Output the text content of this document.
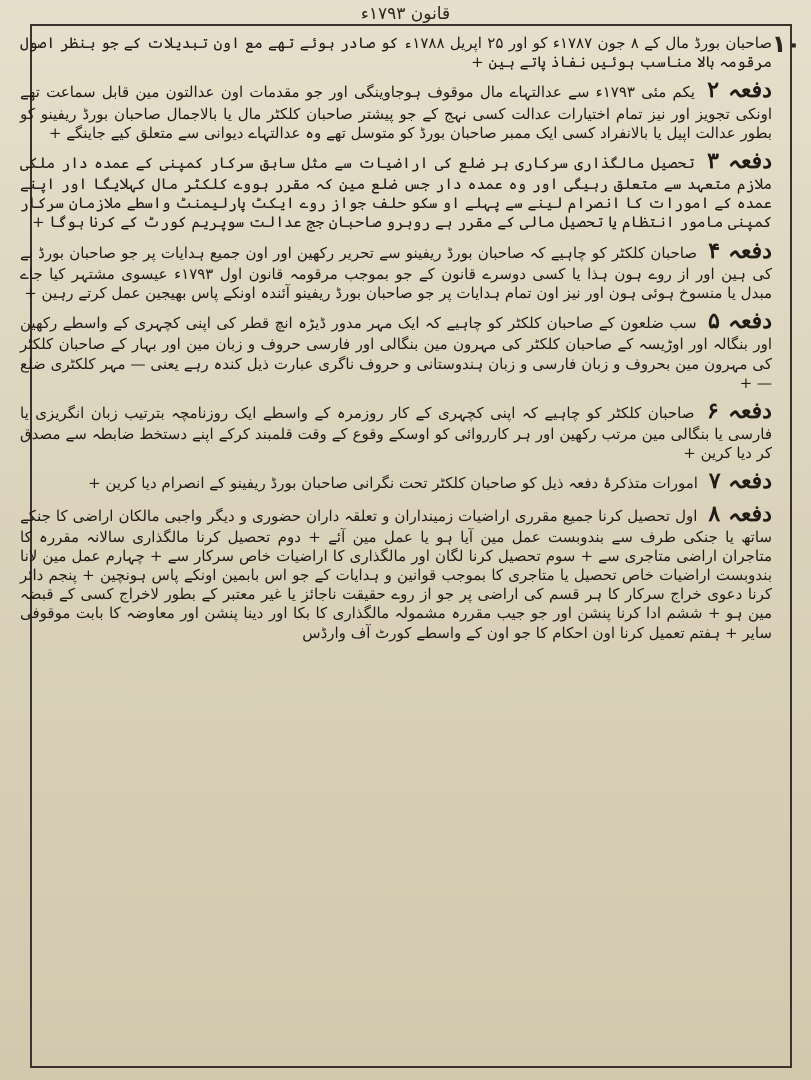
قانون ۱۷۹۳ء
۱۰

صاحبان بورڈ مال کے ۸ جون ۱۷۸۷ء کو اور ۲۵ اپریل ۱۷۸۸ء کو صادر ہوئے تھے مع اون تبدیلات کے جو بنظر اصول مرقومہ بالا مناسب ہوئیں نفاذ پاتے ہین +

دفعہ ۲ یکم مئی ۱۷۹۳ء سے عدالتہاے مال موقوف ہوجاوینگی اور جو مقدمات اون عدالتون مین قابل سماعت تھے اونکی تجویز اور نیز تمام اختیارات عدالت کسی نہج کے جو پیشتر صاحبان کلکٹر مال یا بالاجمال صاحبان بورڈ ریفینو کو بطور عدالت اپیل یا بالانفراد کسی ایک ممبر صاحبان بورڈ کو متوسل تھے وہ عدالتہاے دیوانی سے متعلق کیے جاینگے +

دفعہ ۳ تحصیل مالگذاری سرکاری ہر ضلع کی اراضیات سے مثل سابق سرکار کمپنی کے عمدہ دار ملکی ملازم متعہد سے متعلق رہیگی اور وہ عمدہ دار جس ضلع مین کہ مقرر ہووے کلکٹر مال کہلایگا اور اپنے عمدہ کے امورات کا انصرام لینے سے پہلے او سکو حلف جواز روے ایکٹ پارلیمنٹ واسطے ملازمان سرکار کمپنی مامور انتظام یا تحصیل مالی کے مقرر ہے روبرو صاحبان جج عدالت سوپریم کورٹ کے کرنا ہوگا +

دفعہ ۴ صاحبان کلکٹر کو چاہیے کہ صاحبان بورڈ ریفینو سے تحریر رکھین اور اون جمیع ہدایات پر جو صاحبان بورڈ نے کی ہین اور از روے ہون ہذا یا کسی دوسرے قانون کے جو بموجب مرقومہ قانون اول ۱۷۹۳ء عیسوی مشتہر کیا جاے مبدل یا منسوخ ہوئی ہون اور نیز اون تمام ہدایات پر جو صاحبان بورڈ ریفینو آئندہ اونکے پاس بھیجین عمل کرتے رہین +

دفعہ ۵ سب ضلعون کے صاحبان کلکٹر کو چاہیے کہ ایک مہر مدور ڈیڑہ انچ قطر کی اپنی کچہری کے واسطے رکھین اور بنگالہ اور اوڑیسہ کے صاحبان کلکٹر کی مہرون مین بنگالی اور فارسی حروف و زبان مین اور بہار کے صاحبان کلکٹر کی مہرون مین بحروف و زبان فارسی و زبان ہندوستانی و حروف ناگری عبارت ذیل کندہ رہے یعنی — مہر کلکٹری ضلع — +

دفعہ ۶ صاحبان کلکٹر کو چاہیے کہ اپنی کچہری کے کار روزمرہ کے واسطے ایک روزنامچہ بترتیب زبان انگریزی یا فارسی یا بنگالی مین مرتب رکھین اور ہر کارروائی کو اوسکے وقوع کے وقت قلمبند کرکے اپنے دستخط ضابطہ سے مصدق کر دیا کرین +

دفعہ ۷ امورات متذکرۂ دفعہ ذیل کو صاحبان کلکٹر تحت نگرانی صاحبان بورڈ ریفینو کے انصرام دیا کرین +

دفعہ ۸ اول تحصیل کرنا جمیع مقرری اراضیات زمینداران و تعلقہ داران حضوری و دیگر واجبی مالکان اراضی کا جنکے ساتھ یا جنکی طرف سے بندوبست عمل مین آیا ہو یا عمل مین آئے + دوم تحصیل کرنا مالگذاری سالانہ مقررہ کا متاجران اراضی متاجری سے + سوم تحصیل کرنا لگان اور مالگذاری کا اراضیات خاص سرکار سے + چہارم عمل مین لانا بندوبست اراضیات خاص تحصیل یا متاجری کا بموجب قوانین و ہدایات کے جو اس بابمین اونکے پاس ہونچین + پنجم دائر کرنا دعوی خراج سرکار کا ہر قسم کی اراضی پر جو از روے حقیقت ناجائز یا غیر معتبر کے بطور لاخراج کسی کے قبضہ مین ہو + ششم ادا کرنا پنشن اور جو جیب مقررہ مشمولہ مالگذاری کا بکا اور دینا پنشن اور معاوضہ کا بابت موقوفی سایر + ہفتم تعمیل کرنا اون احکام کا جو اون کے واسطے کورٹ آف وارڈس
